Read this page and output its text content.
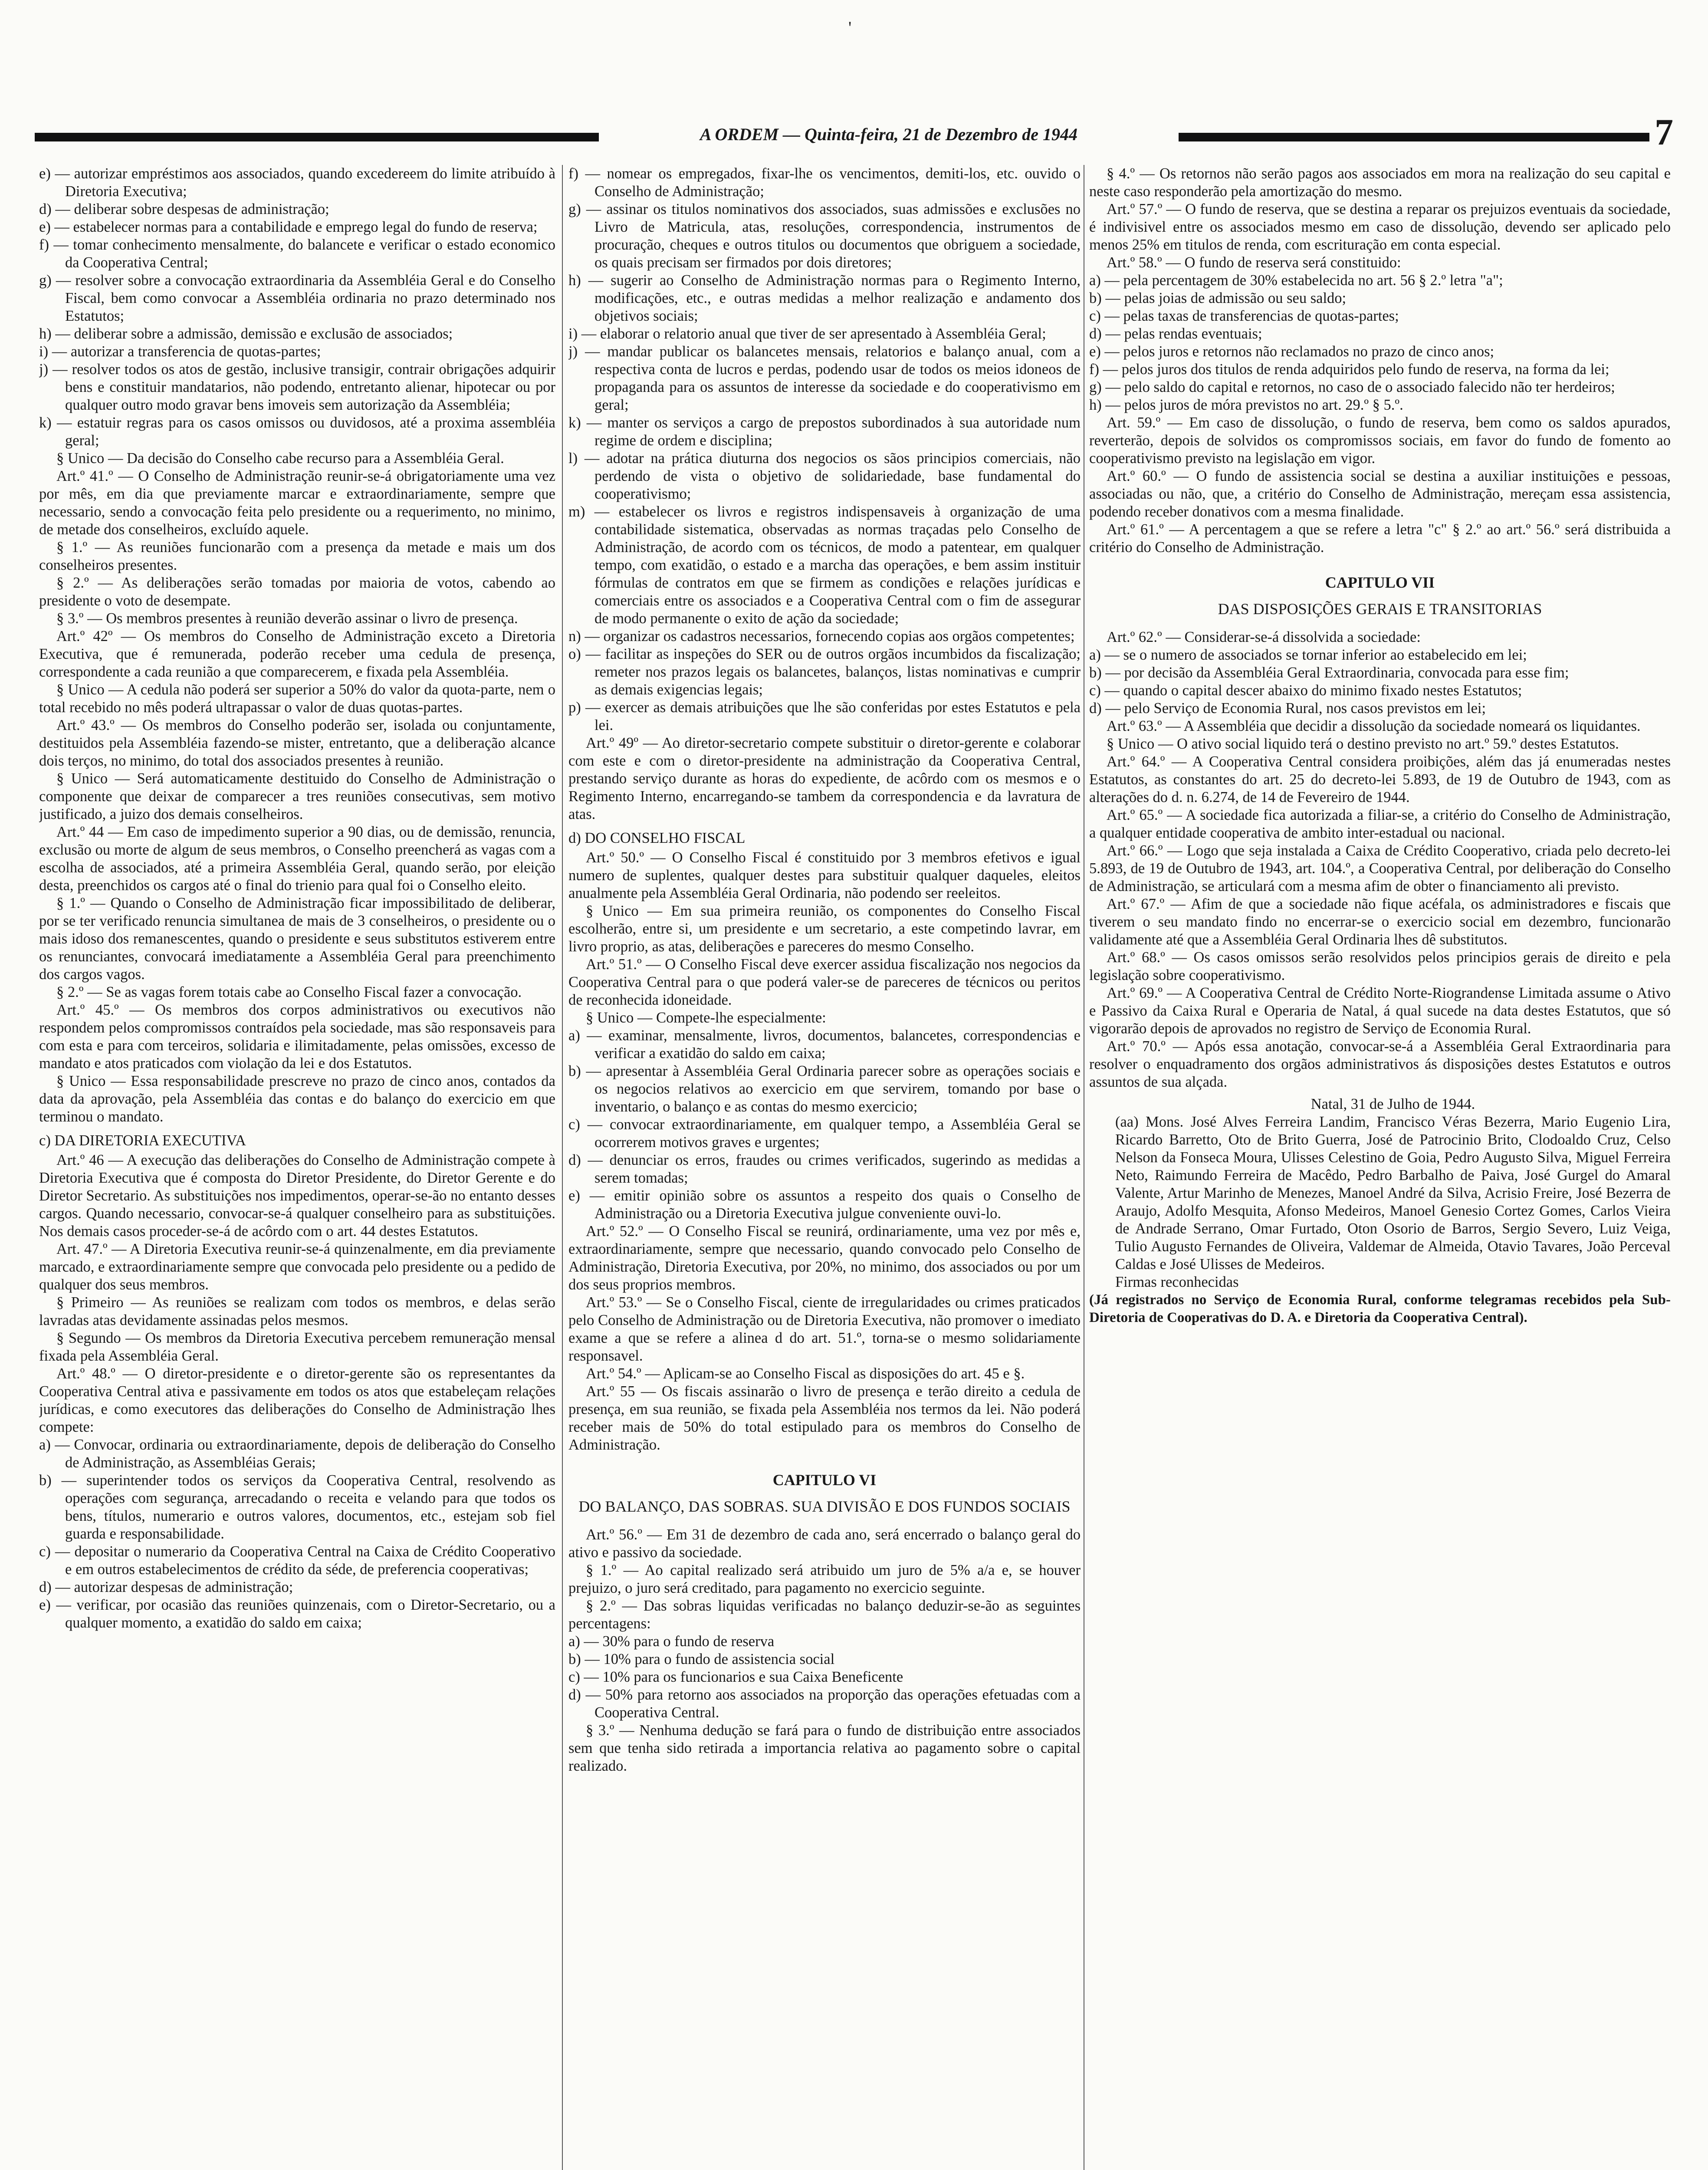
'
A ORDEM — Quinta-feira, 21 de Dezembro de 1944	7

e) — autorizar empréstimos aos associados, quando excedereem do limite atribuído à Diretoria Executiva;

d) — deliberar sobre despesas de administração;

e) — estabelecer normas para a contabilidade e emprego legal do fundo de reserva;

f) — tomar conhecimento mensalmente, do balancete e verificar o estado economico da Cooperativa Central;

g) — resolver sobre a convocação extraordinaria da Assembléia Geral e do Conselho Fiscal, bem como convocar a Assembléia ordinaria no prazo determinado nos Estatutos;

h) — deliberar sobre a admissão, demissão e exclusão de associados;

i) — autorizar a transferencia de quotas-partes;

j) — resolver todos os atos de gestão, inclusive transigir, contrair obrigações adquirir bens e constituir mandatarios, não podendo, entretanto alienar, hipotecar ou por qualquer outro modo gravar bens imoveis sem autorização da Assembléia;

k) — estatuir regras para os casos omissos ou duvidosos, até a proxima assembléia geral;

§ Unico — Da decisão do Conselho cabe recurso para a Assembléia Geral.

Art.º 41.º — O Conselho de Administração reunir-se-á obrigatoriamente uma vez por mês, em dia que previamente marcar e extraordinariamente, sempre que necessario, sendo a convocação feita pelo presidente ou a requerimento, no minimo, de metade dos conselheiros, excluído aquele.

§ 1.º — As reuniões funcionarão com a presença da metade e mais um dos conselheiros presentes.

§ 2.º — As deliberações serão tomadas por maioria de votos, cabendo ao presidente o voto de desempate.

§ 3.º — Os membros presentes à reunião deverão assinar o livro de presença.

Art.º 42º — Os membros do Conselho de Administração exceto a Diretoria Executiva, que é remunerada, poderão receber uma cedula de presença, correspondente a cada reunião a que comparecerem, e fixada pela Assembléia.

§ Unico — A cedula não poderá ser superior a 50% do valor da quota-parte, nem o total recebido no mês poderá ultrapassar o valor de duas quotas-partes.

Art.º 43.º — Os membros do Conselho poderão ser, isolada ou conjuntamente, destituidos pela Assembléia fazendo-se mister, entretanto, que a deliberação alcance dois terços, no minimo, do total dos associados presentes à reunião.

§ Unico — Será automaticamente destituido do Conselho de Administração o componente que deixar de comparecer a tres reuniões consecutivas, sem motivo justificado, a juizo dos demais conselheiros.

Art.º 44 — Em caso de impedimento superior a 90 dias, ou de demissão, renuncia, exclusão ou morte de algum de seus membros, o Conselho preencherá as vagas com a escolha de associados, até a primeira Assembléia Geral, quando serão, por eleição desta, preenchidos os cargos até o final do trienio para qual foi o Conselho eleito.

§ 1.º — Quando o Conselho de Administração ficar impossibilitado de deliberar, por se ter verificado renuncia simultanea de mais de 3 conselheiros, o presidente ou o mais idoso dos remanescentes, quando o presidente e seus substitutos estiverem entre os renunciantes, convocará imediatamente a Assembléia Geral para preenchimento dos cargos vagos.

§ 2.º — Se as vagas forem totais cabe ao Conselho Fiscal fazer a convocação.

Art.º 45.º — Os membros dos corpos administrativos ou executivos não respondem pelos compromissos contraídos pela sociedade, mas são responsaveis para com esta e para com terceiros, solidaria e ilimitadamente, pelas omissões, excesso de mandato e atos praticados com violação da lei e dos Estatutos.

§ Unico — Essa responsabilidade prescreve no prazo de cinco anos, contados da data da aprovação, pela Assembléia das contas e do balanço do exercicio em que terminou o mandato.

c) DA DIRETORIA EXECUTIVA

Art.º 46 — A execução das deliberações do Conselho de Administração compete à Diretoria Executiva que é composta do Diretor Presidente, do Diretor Gerente e do Diretor Secretario. As substituições nos impedimentos, operar-se-ão no entanto desses cargos. Quando necessario, convocar-se-á qualquer conselheiro para as substituições. Nos demais casos proceder-se-á de acôrdo com o art. 44 destes Estatutos.

Art. 47.º — A Diretoria Executiva reunir-se-á quinzenalmente, em dia previamente marcado, e extraordinariamente sempre que convocada pelo presidente ou a pedido de qualquer dos seus membros.

§ Primeiro — As reuniões se realizam com todos os membros, e delas serão lavradas atas devidamente assinadas pelos mesmos.

§ Segundo — Os membros da Diretoria Executiva percebem remuneração mensal fixada pela Assembléia Geral.

Art.º 48.º — O diretor-presidente e o diretor-gerente são os representantes da Cooperativa Central ativa e passivamente em todos os atos que estabeleçam relações jurídicas, e como executores das deliberações do Conselho de Administração lhes compete:

a) — Convocar, ordinaria ou extraordinariamente, depois de deliberação do Conselho de Administração, as Assembléias Gerais;

b) — superintender todos os serviços da Cooperativa Central, resolvendo as operações com segurança, arrecadando o receita e velando para que todos os bens, títulos, numerario e outros valores, documentos, etc., estejam sob fiel guarda e responsabilidade.

c) — depositar o numerario da Cooperativa Central na Caixa de Crédito Cooperativo e em outros estabelecimentos de crédito da séde, de preferencia cooperativas;

d) — autorizar despesas de administração;

e) — verificar, por ocasião das reuniões quinzenais, com o Diretor-Secretario, ou a qualquer momento, a exatidão do saldo em caixa;

f) — nomear os empregados, fixar-lhe os vencimentos, demiti-los, etc. ouvido o Conselho de Administração;

g) — assinar os titulos nominativos dos associados, suas admissões e exclusões no Livro de Matricula, atas, resoluções, correspondencia, instrumentos de procuração, cheques e outros titulos ou documentos que obriguem a sociedade, os quais precisam ser firmados por dois diretores;

h) — sugerir ao Conselho de Administração normas para o Regimento Interno, modificações, etc., e outras medidas a melhor realização e andamento dos objetivos sociais;

i) — elaborar o relatorio anual que tiver de ser apresentado à Assembléia Geral;

j) — mandar publicar os balancetes mensais, relatorios e balanço anual, com a respectiva conta de lucros e perdas, podendo usar de todos os meios idoneos de propaganda para os assuntos de interesse da sociedade e do cooperativismo em geral;

k) — manter os serviços a cargo de prepostos subordinados à sua autoridade num regime de ordem e disciplina;

l) — adotar na prática diuturna dos negocios os sãos principios comerciais, não perdendo de vista o objetivo de solidariedade, base fundamental do cooperativismo;

m) — estabelecer os livros e registros indispensaveis à organização de uma contabilidade sistematica, observadas as normas traçadas pelo Conselho de Administração, de acordo com os técnicos, de modo a patentear, em qualquer tempo, com exatidão, o estado e a marcha das operações, e bem assim instituir fórmulas de contratos em que se firmem as condições e relações jurídicas e comerciais entre os associados e a Cooperativa Central com o fim de assegurar de modo permanente o exito de ação da sociedade;

n) — organizar os cadastros necessarios, fornecendo copias aos orgãos competentes;

o) — facilitar as inspeções do SER ou de outros orgãos incumbidos da fiscalização; remeter nos prazos legais os balancetes, balanços, listas nominativas e cumprir as demais exigencias legais;

p) — exercer as demais atribuições que lhe são conferidas por estes Estatutos e pela lei.

Art.º 49º — Ao diretor-secretario compete substituir o diretor-gerente e colaborar com este e com o diretor-presidente na administração da Cooperativa Central, prestando serviço durante as horas do expediente, de acôrdo com os mesmos e o Regimento Interno, encarregando-se tambem da correspondencia e da lavratura de atas.

d) DO CONSELHO FISCAL

Art.º 50.º — O Conselho Fiscal é constituido por 3 membros efetivos e igual numero de suplentes, qualquer destes para substituir qualquer daqueles, eleitos anualmente pela Assembléia Geral Ordinaria, não podendo ser reeleitos.

§ Unico — Em sua primeira reunião, os componentes do Conselho Fiscal escolherão, entre si, um presidente e um secretario, a este competindo lavrar, em livro proprio, as atas, deliberações e pareceres do mesmo Conselho.

Art.º 51.º — O Conselho Fiscal deve exercer assidua fiscalização nos negocios da Cooperativa Central para o que poderá valer-se de pareceres de técnicos ou peritos de reconhecida idoneidade.

§ Unico — Compete-lhe especialmente:

a) — examinar, mensalmente, livros, documentos, balancetes, correspondencias e verificar a exatidão do saldo em caixa;

b) — apresentar à Assembléia Geral Ordinaria parecer sobre as operações sociais e os negocios relativos ao exercicio em que servirem, tomando por base o inventario, o balanço e as contas do mesmo exercicio;

c) — convocar extraordinariamente, em qualquer tempo, a Assembléia Geral se ocorrerem motivos graves e urgentes;

d) — denunciar os erros, fraudes ou crimes verificados, sugerindo as medidas a serem tomadas;

e) — emitir opinião sobre os assuntos a respeito dos quais o Conselho de Administração ou a Diretoria Executiva julgue conveniente ouvi-lo.

Art.º 52.º — O Conselho Fiscal se reunirá, ordinariamente, uma vez por mês e, extraordinariamente, sempre que necessario, quando convocado pelo Conselho de Administração, Diretoria Executiva, por 20%, no minimo, dos associados ou por um dos seus proprios membros.

Art.º 53.º — Se o Conselho Fiscal, ciente de irregularidades ou crimes praticados pelo Conselho de Administração ou de Diretoria Executiva, não promover o imediato exame a que se refere a alinea d do art. 51.º, torna-se o mesmo solidariamente responsavel.

Art.º 54.º — Aplicam-se ao Conselho Fiscal as disposições do art. 45 e §.

Art.º 55 — Os fiscais assinarão o livro de presença e terão direito a cedula de presença, em sua reunião, se fixada pela Assembléia nos termos da lei. Não poderá receber mais de 50% do total estipulado para os membros do Conselho de Administração.

CAPITULO VI

DO BALANÇO, DAS SOBRAS. SUA DIVISÃO E DOS FUNDOS SOCIAIS

Art.º 56.º — Em 31 de dezembro de cada ano, será encerrado o balanço geral do ativo e passivo da sociedade.

§ 1.º — Ao capital realizado será atribuido um juro de 5% a/a e, se houver prejuizo, o juro será creditado, para pagamento no exercicio seguinte.

§ 2.º — Das sobras liquidas verificadas no balanço deduzir-se-ão as seguintes percentagens:

a) — 30% para o fundo de reserva

b) — 10% para o fundo de assistencia social

c) — 10% para os funcionarios e sua Caixa Beneficente

d) — 50% para retorno aos associados na proporção das operações efetuadas com a Cooperativa Central.

§ 3.º — Nenhuma dedução se fará para o fundo de distribuição entre associados sem que tenha sido retirada a importancia relativa ao pagamento sobre o capital realizado.

§ 4.º — Os retornos não serão pagos aos associados em mora na realização do seu capital e neste caso responderão pela amortização do mesmo.

Art.º 57.º — O fundo de reserva, que se destina a reparar os prejuizos eventuais da sociedade, é indivisivel entre os associados mesmo em caso de dissolução, devendo ser aplicado pelo menos 25% em titulos de renda, com escrituração em conta especial.

Art.º 58.º — O fundo de reserva será constituido:

a) — pela percentagem de 30% estabelecida no art. 56 § 2.º letra "a";

b) — pelas joias de admissão ou seu saldo;

c) — pelas taxas de transferencias de quotas-partes;

d) — pelas rendas eventuais;

e) — pelos juros e retornos não reclamados no prazo de cinco anos;

f) — pelos juros dos titulos de renda adquiridos pelo fundo de reserva, na forma da lei;

g) — pelo saldo do capital e retornos, no caso de o associado falecido não ter herdeiros;

h) — pelos juros de móra previstos no art. 29.º § 5.º.

Art. 59.º — Em caso de dissolução, o fundo de reserva, bem como os saldos apurados, reverterão, depois de solvidos os compromissos sociais, em favor do fundo de fomento ao cooperativismo previsto na legislação em vigor.

Art.º 60.º — O fundo de assistencia social se destina a auxiliar instituições e pessoas, associadas ou não, que, a critério do Conselho de Administração, mereçam essa assistencia, podendo receber donativos com a mesma finalidade.

Art.º 61.º — A percentagem a que se refere a letra "c" § 2.º ao art.º 56.º será distribuida a critério do Conselho de Administração.

CAPITULO VII

DAS DISPOSIÇÕES GERAIS E TRANSITORIAS

Art.º 62.º — Considerar-se-á dissolvida a sociedade:

a) — se o numero de associados se tornar inferior ao estabelecido em lei;

b) — por decisão da Assembléia Geral Extraordinaria, convocada para esse fim;

c) — quando o capital descer abaixo do minimo fixado nestes Estatutos;

d) — pelo Serviço de Economia Rural, nos casos previstos em lei;

Art.º 63.º — A Assembléia que decidir a dissolução da sociedade nomeará os liquidantes.

§ Unico — O ativo social liquido terá o destino previsto no art.º 59.º destes Estatutos.

Art.º 64.º — A Cooperativa Central considera proibições, além das já enumeradas nestes Estatutos, as constantes do art. 25 do decreto-lei 5.893, de 19 de Outubro de 1943, com as alterações do d. n. 6.274, de 14 de Fevereiro de 1944.

Art.º 65.º — A sociedade fica autorizada a filiar-se, a critério do Conselho de Administração, a qualquer entidade cooperativa de ambito inter-estadual ou nacional.

Art.º 66.º — Logo que seja instalada a Caixa de Crédito Cooperativo, criada pelo decreto-lei 5.893, de 19 de Outubro de 1943, art. 104.º, a Cooperativa Central, por deliberação do Conselho de Administração, se articulará com a mesma afim de obter o financiamento ali previsto.

Art.º 67.º — Afim de que a sociedade não fique acéfala, os administradores e fiscais que tiverem o seu mandato findo no encerrar-se o exercicio social em dezembro, funcionarão validamente até que a Assembléia Geral Ordinaria lhes dê substitutos.

Art.º 68.º — Os casos omissos serão resolvidos pelos principios gerais de direito e pela legislação sobre cooperativismo.

Art.º 69.º — A Cooperativa Central de Crédito Norte-Riograndense Limitada assume o Ativo e Passivo da Caixa Rural e Operaria de Natal, á qual sucede na data destes Estatutos, que só vigorarão depois de aprovados no registro de Serviço de Economia Rural.

Art.º 70.º — Após essa anotação, convocar-se-á a Assembléia Geral Extraordinaria para resolver o enquadramento dos orgãos administrativos ás disposições destes Estatutos e outros assuntos de sua alçada.

Natal, 31 de Julho de 1944.

(aa) Mons. José Alves Ferreira Landim, Francisco Véras Bezerra, Mario Eugenio Lira, Ricardo Barretto, Oto de Brito Guerra, José de Patrocinio Brito, Clodoaldo Cruz, Celso Nelson da Fonseca Moura, Ulisses Celestino de Goia, Pedro Augusto Silva, Miguel Ferreira Neto, Raimundo Ferreira de Macêdo, Pedro Barbalho de Paiva, José Gurgel do Amaral Valente, Artur Marinho de Menezes, Manoel André da Silva, Acrisio Freire, José Bezerra de Araujo, Adolfo Mesquita, Afonso Medeiros, Manoel Genesio Cortez Gomes, Carlos Vieira de Andrade Serrano, Omar Furtado, Oton Osorio de Barros, Sergio Severo, Luiz Veiga, Tulio Augusto Fernandes de Oliveira, Valdemar de Almeida, Otavio Tavares, João Perceval Caldas e José Ulisses de Medeiros.

Firmas reconhecidas

(Já registrados no Serviço de Economia Rural, conforme telegramas recebidos pela Sub-Diretoria de Cooperativas do D. A. e Diretoria da Cooperativa Central).
